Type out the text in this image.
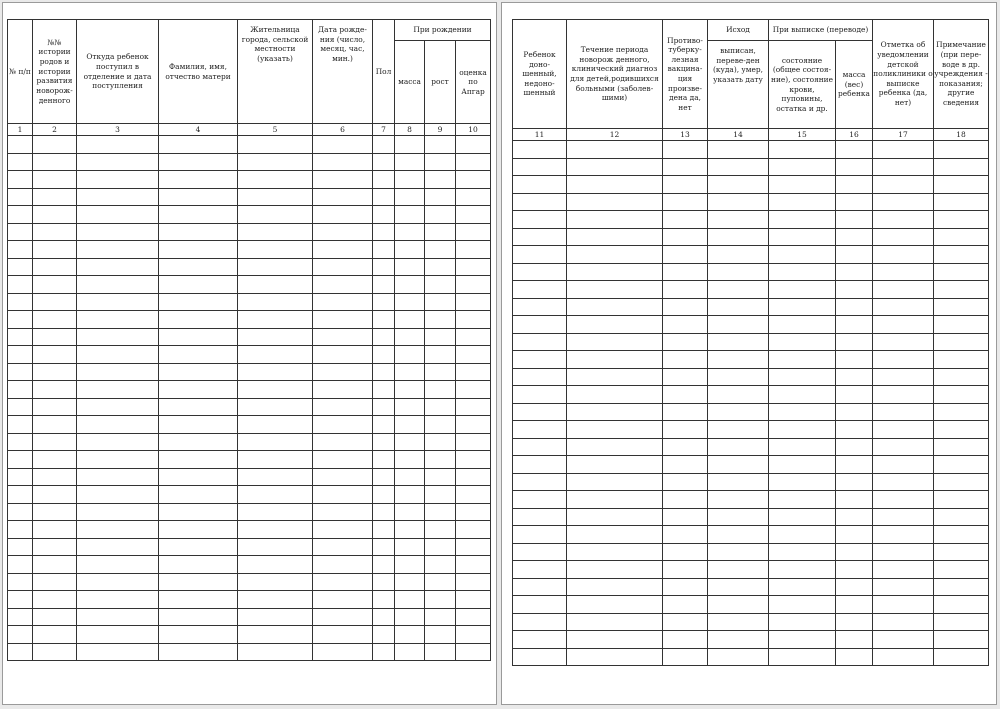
№ п/п	№№ истории родов и истории развития новорож-денного	Откуда ребенок поступил в отделение и дата поступления	Фамилия, имя, отчество матери	Жительница города, сельской местности (указать)	Дата рожде-ния (число, месяц, час, мин.)	Пол	При рождении		
							масса	рост	оценка по Апгар
1	2	3	4	5	6	7	8	9	10

Ребенок доно-шенный, недоно-шенный	Течение периода новорож денного, клинический диагноз для детей,родившихся больными (заболев-шими)	Противо-туберку-лезная вакцина-ция произве-дена да, нет	Исход	При выписке (переводе)		Отметка об уведомлении детской поликлиники о выписке ребенка (да, нет)	Примечание (при пере-воде в др. учреждения - показания; другие сведения
			выписан, переве-ден (куда), умер, указать дату	состояние (общее состоя-ние), состояние крови, пуповины, остатка и др.	масса (вес) ребенка		
11	12	13	14	15	16	17	18
